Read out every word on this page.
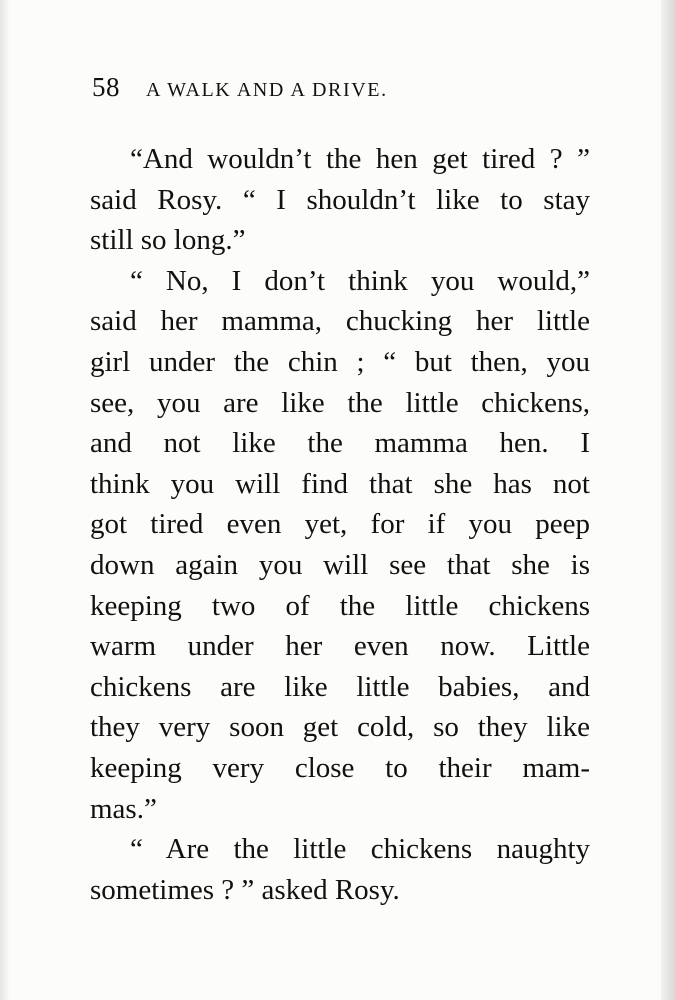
58 A WALK AND A DRIVE.
“And wouldn’t the hen get tired ? ”
said Rosy. “ I shouldn’t like to stay
still so long.”
“ No, I don’t think you would,”
said her mamma, chucking her little
girl under the chin ; “ but then, you
see, you are like the little chickens,
and not like the mamma hen. I
think you will find that she has not
got tired even yet, for if you peep
down again you will see that she is
keeping two of the little chickens
warm under her even now. Little
chickens are like little babies, and
they very soon get cold, so they like
keeping very close to their mam-
mas.”
“ Are the little chickens naughty
sometimes ? ” asked Rosy.
